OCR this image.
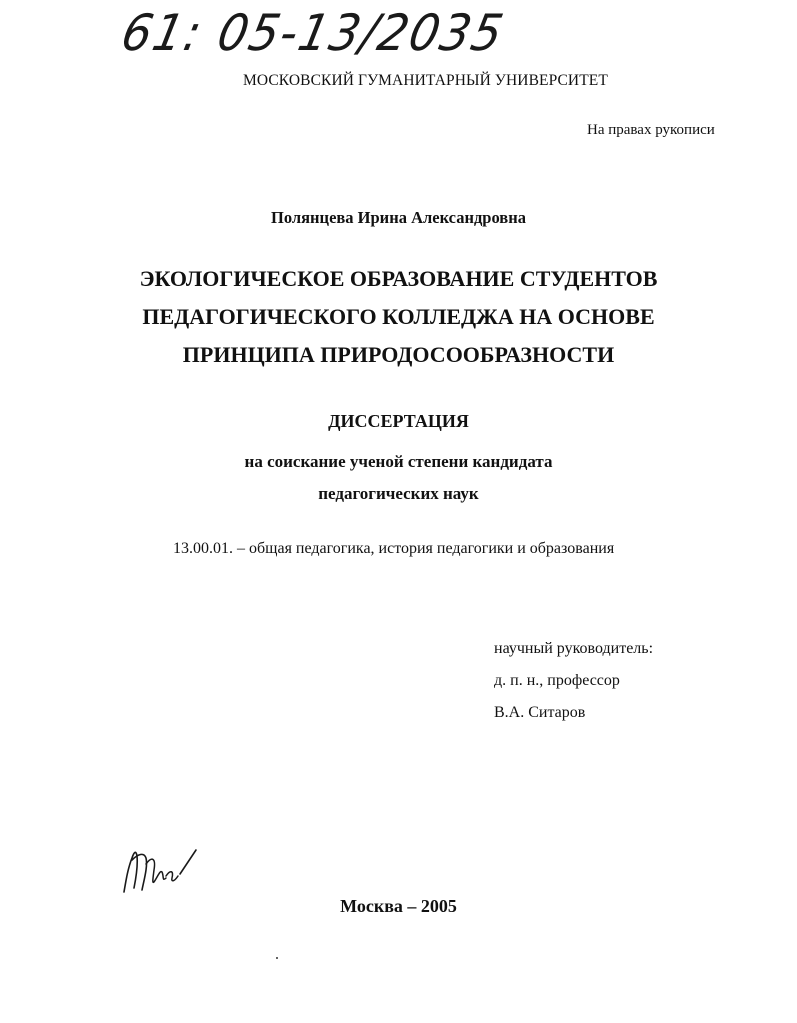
61: 05-13/2035
МОСКОВСКИЙ ГУМАНИТАРНЫЙ УНИВЕРСИТЕТ
На правах рукописи
Полянцева Ирина Александровна
ЭКОЛОГИЧЕСКОЕ ОБРАЗОВАНИЕ СТУДЕНТОВ
ПЕДАГОГИЧЕСКОГО КОЛЛЕДЖА НА ОСНОВЕ
ПРИНЦИПА ПРИРОДОСООБРАЗНОСТИ
ДИССЕРТАЦИЯ
на соискание ученой степени кандидата
педагогических наук
13.00.01. – общая педагогика, история педагогики и образования
научный руководитель:
д. п. н., профессор
В.А. Ситаров
Москва – 2005
